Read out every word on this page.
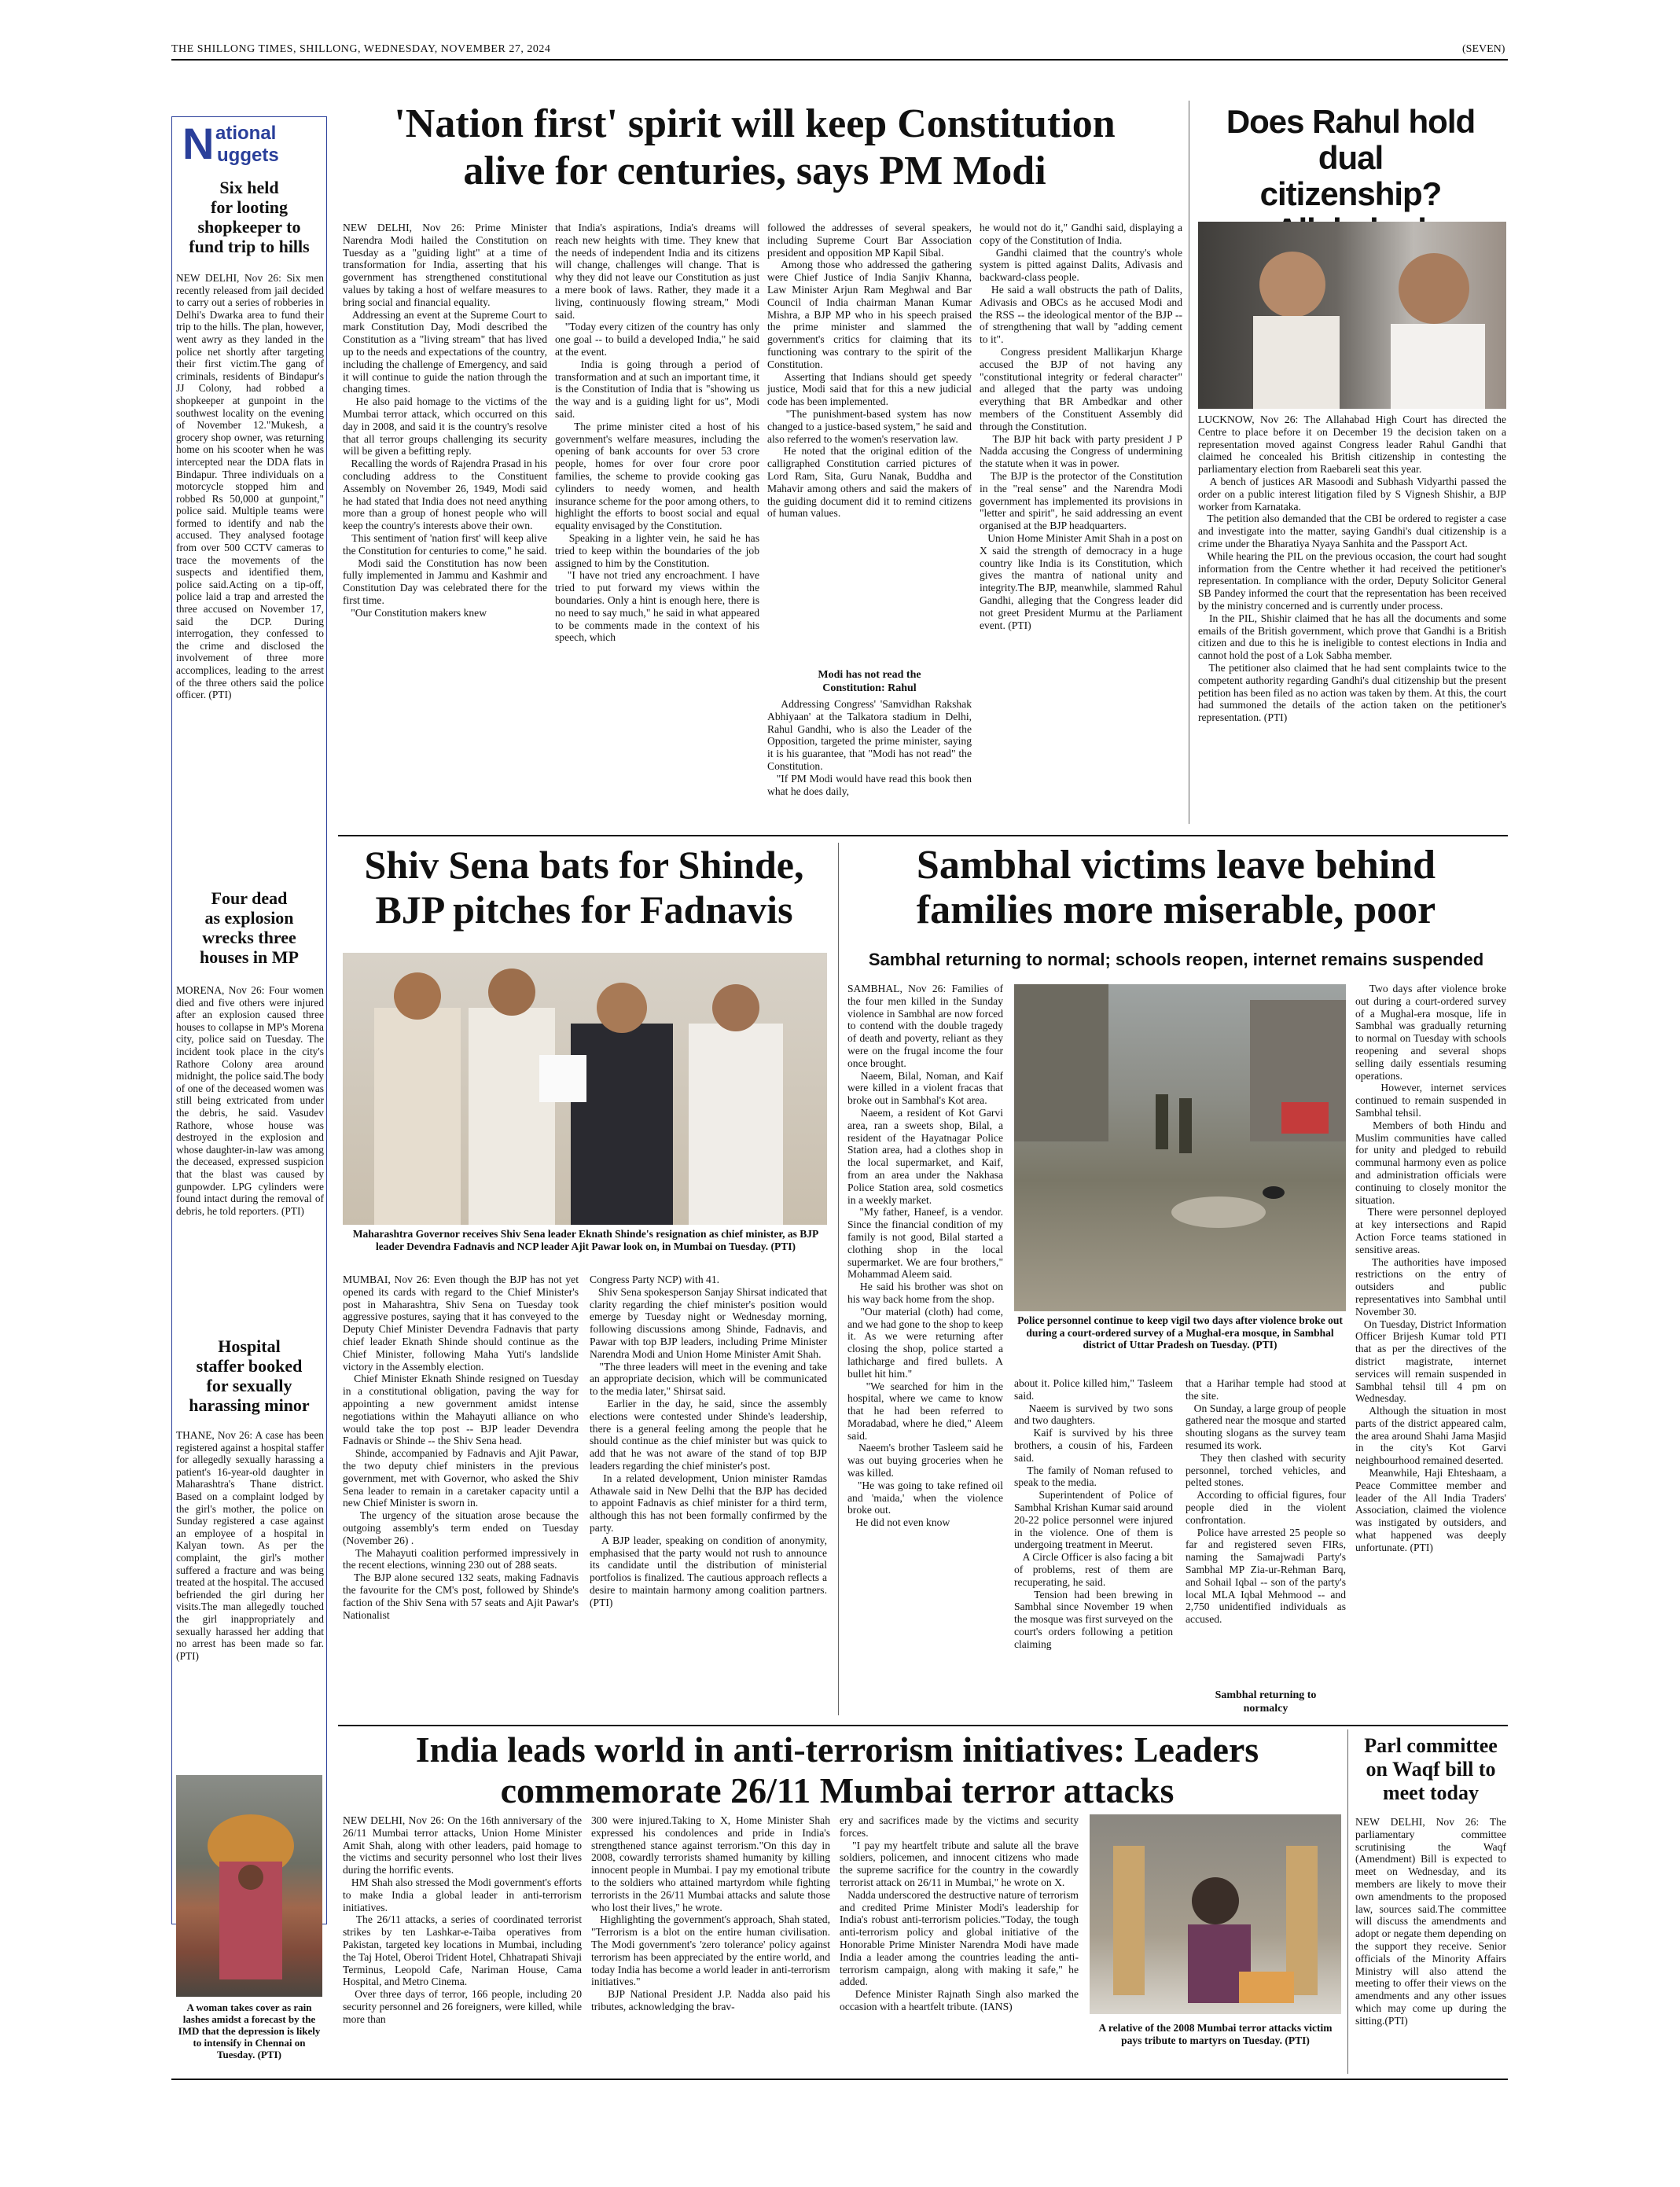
THE SHILLONG TIMES, SHILLONG, WEDNESDAY, NOVEMBER 27, 2024	(SEVEN)
N ational
uggets
Six held
for looting
shopkeeper to
fund trip to hills
NEW DELHI, Nov 26: Six men recently released from jail decided to carry out a series of robberies in Delhi's Dwarka area to fund their trip to the hills. The plan, however, went awry as they landed in the police net shortly after targeting their first victim.The gang of criminals, residents of Bindapur's JJ Colony, had robbed a shopkeeper at gunpoint in the southwest locality on the evening of November 12."Mukesh, a grocery shop owner, was returning home on his scooter when he was intercepted near the DDA flats in Bindapur. Three individuals on a motorcycle stopped him and robbed Rs 50,000 at gunpoint," police said. Multiple teams were formed to identify and nab the accused. They analysed footage from over 500 CCTV cameras to trace the movements of the suspects and identified them, police said.Acting on a tip-off, police laid a trap and arrested the three accused on November 17, said the DCP. During interrogation, they confessed to the crime and disclosed the involvement of three more accomplices, leading to the arrest of the three others said the police officer. (PTI)
Four dead
as explosion
wrecks three
houses in MP
MORENA, Nov 26: Four women died and five others were injured after an explosion caused three houses to collapse in MP's Morena city, police said on Tuesday. The incident took place in the city's Rathore Colony area around midnight, the police said.The body of one of the deceased women was still being extricated from under the debris, he said. Vasudev Rathore, whose house was destroyed in the explosion and whose daughter-in-law was among the deceased, expressed suspicion that the blast was caused by gunpowder. LPG cylinders were found intact during the removal of debris, he told reporters. (PTI)
Hospital
staffer booked
for sexually
harassing minor
THANE, Nov 26: A case has been registered against a hospital staffer for allegedly sexually harassing a patient's 16-year-old daughter in Maharashtra's Thane district. Based on a complaint lodged by the girl's mother, the police on Sunday registered a case against an employee of a hospital in Kalyan town. As per the complaint, the girl's mother suffered a fracture and was being treated at the hospital. The accused befriended the girl during her visits.The man allegedly touched the girl inappropriately and sexually harassed her adding that no arrest has been made so far. (PTI)
A woman takes cover as rain lashes amidst a forecast by the IMD that the depression is likely to intensify in Chennai on Tuesday. (PTI)
'Nation first' spirit will keep Constitution
alive for centuries, says PM Modi
NEW DELHI, Nov 26: Prime Minister Narendra Modi hailed the Constitution on Tuesday as a "guiding light" at a time of transformation for India, asserting that his government has strengthened constitutional values by taking a host of welfare measures to bring social and financial equality.
Addressing an event at the Supreme Court to mark Constitution Day, Modi described the Constitution as a "living stream" that has lived up to the needs and expectations of the country, including the challenge of Emergency, and said it will continue to guide the nation through the changing times.
He also paid homage to the victims of the Mumbai terror attack, which occurred on this day in 2008, and said it is the country's resolve that all terror groups challenging its security will be given a befitting reply.
Recalling the words of Rajendra Prasad in his concluding address to the Constituent Assembly on November 26, 1949, Modi said he had stated that India does not need anything more than a group of honest people who will keep the country's interests above their own.
This sentiment of 'nation first' will keep alive the Constitution for centuries to come," he said.
Modi said the Constitution has now been fully implemented in Jammu and Kashmir and Constitution Day was celebrated there for the first time.
"Our Constitution makers knew
that India's aspirations, India's dreams will reach new heights with time. They knew that the needs of independent India and its citizens will change, challenges will change. That is why they did not leave our Constitution as just a mere book of laws. Rather, they made it a living, continuously flowing stream," Modi said.
"Today every citizen of the country has only one goal -- to build a developed India," he said at the event.
India is going through a period of transformation and at such an important time, it is the Constitution of India that is "showing us the way and is a guiding light for us", Modi said.
The prime minister cited a host of his government's welfare measures, including the opening of bank accounts for over 53 crore people, homes for over four crore poor families, the scheme to provide cooking gas cylinders to needy women, and health insurance scheme for the poor among others, to highlight the efforts to boost social and equal equality envisaged by the Constitution.
Speaking in a lighter vein, he said he has tried to keep within the boundaries of the job assigned to him by the Constitution.
"I have not tried any encroachment. I have tried to put forward my views within the boundaries. Only a hint is enough here, there is no need to say much," he said in what appeared to be comments made in the context of his speech, which
followed the addresses of several speakers, including Supreme Court Bar Association president and opposition MP Kapil Sibal.
Among those who addressed the gathering were Chief Justice of India Sanjiv Khanna, Law Minister Arjun Ram Meghwal and Bar Council of India chairman Manan Kumar Mishra, a BJP MP who in his speech praised the prime minister and slammed the government's critics for claiming that its functioning was contrary to the spirit of the Constitution.
Asserting that Indians should get speedy justice, Modi said that for this a new judicial code has been implemented.
"The punishment-based system has now changed to a justice-based system," he said and also referred to the women's reservation law.
He noted that the original edition of the calligraphed Constitution carried pictures of Lord Ram, Sita, Guru Nanak, Buddha and Mahavir among others and said the makers of the guiding document did it to remind citizens of human values.
Modi has not read the
Constitution: Rahul
Addressing Congress' 'Samvidhan Rakshak Abhiyaan' at the Talkatora stadium in Delhi, Rahul Gandhi, who is also the Leader of the Opposition, targeted the prime minister, saying it is his guarantee, that "Modi has not read" the Constitution.
"If PM Modi would have read this book then what he does daily,
he would not do it," Gandhi said, displaying a copy of the Constitution of India.
Gandhi claimed that the country's whole system is pitted against Dalits, Adivasis and backward-class people.
He said a wall obstructs the path of Dalits, Adivasis and OBCs as he accused Modi and the RSS -- the ideological mentor of the BJP -- of strengthening that wall by "adding cement to it".
Congress president Mallikarjun Kharge accused the BJP of not having any "constitutional integrity or federal character" and alleged that the party was undoing everything that BR Ambedkar and other members of the Constituent Assembly did through the Constitution.
The BJP hit back with party president J P Nadda accusing the Congress of undermining the statute when it was in power.
The BJP is the protector of the Constitution in the "real sense" and the Narendra Modi government has implemented its provisions in "letter and spirit", he said addressing an event organised at the BJP headquarters.
Union Home Minister Amit Shah in a post on X said the strength of democracy in a huge country like India is its Constitution, which gives the mantra of national unity and integrity.The BJP, meanwhile, slammed Rahul Gandhi, alleging that the Congress leader did not greet President Murmu at the Parliament event. (PTI)
Does Rahul hold dual
citizenship?

LUCKNOW, Nov 26: The Allahabad High Court has directed the Centre to place before it on December 19 the decision taken on a representation moved against Congress leader Rahul Gandhi that claimed he concealed his British citizenship in contesting the parliamentary election from Raebareli seat this year.
A bench of justices AR Masoodi and Subhash Vidyarthi passed the order on a public interest litigation filed by S Vignesh Shishir, a BJP worker from Karnataka.
The petition also demanded that the CBI be ordered to register a case and investigate into the matter, saying Gandhi's dual citizenship is a crime under the Bharatiya Nyaya Sanhita and the Passport Act.
While hearing the PIL on the previous occasion, the court had sought information from the Centre whether it had received the petitioner's representation. In compliance with the order, Deputy Solicitor General SB Pandey informed the court that the representation has been received by the ministry concerned and is currently under process.
In the PIL, Shishir claimed that he has all the documents and some emails of the British government, which prove that Gandhi is a British citizen and due to this he is ineligible to contest elections in India and cannot hold the post of a Lok Sabha member.
The petitioner also claimed that he had sent complaints twice to the competent authority regarding Gandhi's dual citizenship but the present petition has been filed as no action was taken by them. At this, the court had summoned the details of the action taken on the petitioner's representation. (PTI)
Shiv Sena bats for Shinde,
BJP pitches for Fadnavis
Maharashtra Governor receives Shiv Sena leader Eknath Shinde's resignation as chief minister, as BJP leader Devendra Fadnavis and NCP leader Ajit Pawar look on, in Mumbai on Tuesday. (PTI)
MUMBAI, Nov 26: Even though the BJP has not yet opened its cards with regard to the Chief Minister's post in Maharashtra, Shiv Sena on Tuesday took aggressive postures, saying that it has conveyed to the Deputy Chief Minister Devendra Fadnavis that party chief leader Eknath Shinde should continue as the Chief Minister, following Maha Yuti's landslide victory in the Assembly election.
Chief Minister Eknath Shinde resigned on Tuesday in a constitutional obligation, paving the way for appointing a new government amidst intense negotiations within the Mahayuti alliance on who would take the top post -- BJP leader Devendra Fadnavis or Shinde -- the Shiv Sena head.
Shinde, accompanied by Fadnavis and Ajit Pawar, the two deputy chief ministers in the previous government, met with Governor, who asked the Shiv Sena leader to remain in a caretaker capacity until a new Chief Minister is sworn in.
The urgency of the situation arose because the outgoing assembly's term ended on Tuesday (November 26) .
The Mahayuti coalition performed impressively in the recent elections, winning 230 out of 288 seats.
The BJP alone secured 132 seats, making Fadnavis the favourite for the CM's post, followed by Shinde's faction of the Shiv Sena with 57 seats and Ajit Pawar's Nationalist
Congress Party NCP) with 41.
Shiv Sena spokesperson Sanjay Shirsat indicated that clarity regarding the chief minister's position would emerge by Tuesday night or Wednesday morning, following discussions among Shinde, Fadnavis, and Pawar with top BJP leaders, including Prime Minister Narendra Modi and Union Home Minister Amit Shah.
"The three leaders will meet in the evening and take an appropriate decision, which will be communicated to the media later," Shirsat said.
Earlier in the day, he said, since the assembly elections were contested under Shinde's leadership, there is a general feeling among the people that he should continue as the chief minister but was quick to add that he was not aware of the stand of top BJP leaders regarding the chief minister's post.
In a related development, Union minister Ramdas Athawale said in New Delhi that the BJP has decided to appoint Fadnavis as chief minister for a third term, although this has not been formally confirmed by the party.
A BJP leader, speaking on condition of anonymity, emphasised that the party would not rush to announce its candidate until the distribution of ministerial portfolios is finalized. The cautious approach reflects a desire to maintain harmony among coalition partners. (PTI)
Sambhal victims leave behind
families more miserable, poor
Sambhal returning to normal; schools reopen, internet remains suspended
SAMBHAL, Nov 26: Families of the four men killed in the Sunday violence in Sambhal are now forced to contend with the double tragedy of death and poverty, reliant as they were on the frugal income the four once brought.
Naeem, Bilal, Noman, and Kaif were killed in a violent fracas that broke out in Sambhal's Kot area.
Naeem, a resident of Kot Garvi area, ran a sweets shop, Bilal, a resident of the Hayatnagar Police Station area, had a clothes shop in the local supermarket, and Kaif, from an area under the Nakhasa Police Station area, sold cosmetics in a weekly market.
"My father, Haneef, is a vendor. Since the financial condition of my family is not good, Bilal started a clothing shop in the local supermarket. We are four brothers," Mohammad Aleem said.
He said his brother was shot on his way back home from the shop.
"Our material (cloth) had come, and we had gone to the shop to keep it. As we were returning after closing the shop, police started a lathicharge and fired bullets. A bullet hit him."
"We searched for him in the hospital, where we came to know that he had been referred to Moradabad, where he died," Aleem said.
Naeem's brother Tasleem said he was out buying groceries when he was killed.
"He was going to take refined oil and 'maida,' when the violence broke out.
He did not even know
Police personnel continue to keep vigil two days after violence broke out during a court-ordered survey of a Mughal-era mosque, in Sambhal district of Uttar Pradesh on Tuesday. (PTI)
about it. Police killed him," Tasleem said.
Naeem is survived by two sons and two daughters.
Kaif is survived by his three brothers, a cousin of his, Fardeen said.
The family of Noman refused to speak to the media.
Superintendent of Police of Sambhal Krishan Kumar said around 20-22 police personnel were injured in the violence. One of them is undergoing treatment in Meerut.
A Circle Officer is also facing a bit of problems, rest of them are recuperating, he said.
Tension had been brewing in Sambhal since November 19 when the mosque was first surveyed on the court's orders following a petition claiming
that a Harihar temple had stood at the site.
On Sunday, a large group of people gathered near the mosque and started shouting slogans as the survey team resumed its work.
They then clashed with security personnel, torched vehicles, and pelted stones.
According to official figures, four people died in the violent confrontation.
Police have arrested 25 people so far and registered seven FIRs, naming the Samajwadi Party's Sambhal MP Zia-ur-Rehman Barq, and Sohail Iqbal -- son of the party's local MLA Iqbal Mehmood -- and 2,750 unidentified individuals as accused.
Sambhal returning to
normalcy
Two days after violence broke out during a court-ordered survey of a Mughal-era mosque, life in Sambhal was gradually returning to normal on Tuesday with schools reopening and several shops selling daily essentials resuming operations.
However, internet services continued to remain suspended in Sambhal tehsil.
Members of both Hindu and Muslim communities have called for unity and pledged to rebuild communal harmony even as police and administration officials were continuing to closely monitor the situation.
There were personnel deployed at key intersections and Rapid Action Force teams stationed in sensitive areas.
The authorities have imposed restrictions on the entry of outsiders and public representatives into Sambhal until November 30.
On Tuesday, District Information Officer Brijesh Kumar told PTI that as per the directives of the district magistrate, internet services will remain suspended in Sambhal tehsil till 4 pm on Wednesday.
Although the situation in most parts of the district appeared calm, the area around Shahi Jama Masjid in the city's Kot Garvi neighbourhood remained deserted.
Meanwhile, Haji Ehteshaam, a Peace Committee member and leader of the All India Traders' Association, claimed the violence was instigated by outsiders, and what happened was deeply unfortunate. (PTI)
India leads world in anti-terrorism initiatives: Leaders
commemorate 26/11 Mumbai terror attacks
NEW DELHI, Nov 26: On the 16th anniversary of the 26/11 Mumbai terror attacks, Union Home Minister Amit Shah, along with other leaders, paid homage to the victims and security personnel who lost their lives during the horrific events.
HM Shah also stressed the Modi government's efforts to make India a global leader in anti-terrorism initiatives.
The 26/11 attacks, a series of coordinated terrorist strikes by ten Lashkar-e-Taiba operatives from Pakistan, targeted key locations in Mumbai, including the Taj Hotel, Oberoi Trident Hotel, Chhatrapati Shivaji Terminus, Leopold Cafe, Nariman House, Cama Hospital, and Metro Cinema.
Over three days of terror, 166 people, including 20 security personnel and 26 foreigners, were killed, while more than
300 were injured.Taking to X, Home Minister Shah expressed his condolences and pride in India's strengthened stance against terrorism."On this day in 2008, cowardly terrorists shamed humanity by killing innocent people in Mumbai. I pay my emotional tribute to the soldiers who attained martyrdom while fighting terrorists in the 26/11 Mumbai attacks and salute those who lost their lives," he wrote.
Highlighting the government's approach, Shah stated, "Terrorism is a blot on the entire human civilisation. The Modi government's 'zero tolerance' policy against terrorism has been appreciated by the entire world, and today India has become a world leader in anti-terrorism initiatives."
BJP National President J.P. Nadda also paid his tributes, acknowledging the brav-
ery and sacrifices made by the victims and security forces.
"I pay my heartfelt tribute and salute all the brave soldiers, policemen, and innocent citizens who made the supreme sacrifice for the country in the cowardly terrorist attack on 26/11 in Mumbai," he wrote on X.
Nadda underscored the destructive nature of terrorism and credited Prime Minister Modi's leadership for India's robust anti-terrorism policies."Today, the tough anti-terrorism policy and global initiative of the Honorable Prime Minister Narendra Modi have made India a leader among the countries leading the anti-terrorism campaign, along with making it safe," he added.
Defence Minister Rajnath Singh also marked the occasion with a heartfelt tribute. (IANS)
A relative of the 2008 Mumbai terror attacks victim pays tribute to martyrs on Tuesday. (PTI)
Parl committee
on Waqf bill to
meet today
NEW DELHI, Nov 26: The parliamentary committee scrutinising the Waqf (Amendment) Bill is expected to meet on Wednesday, and its members are likely to move their own amendments to the proposed law, sources said.The committee will discuss the amendments and adopt or negate them depending on the support they receive. Senior officials of the Minority Affairs Ministry will also attend the meeting to offer their views on the amendments and any other issues which may come up during the sitting.(PTI)
